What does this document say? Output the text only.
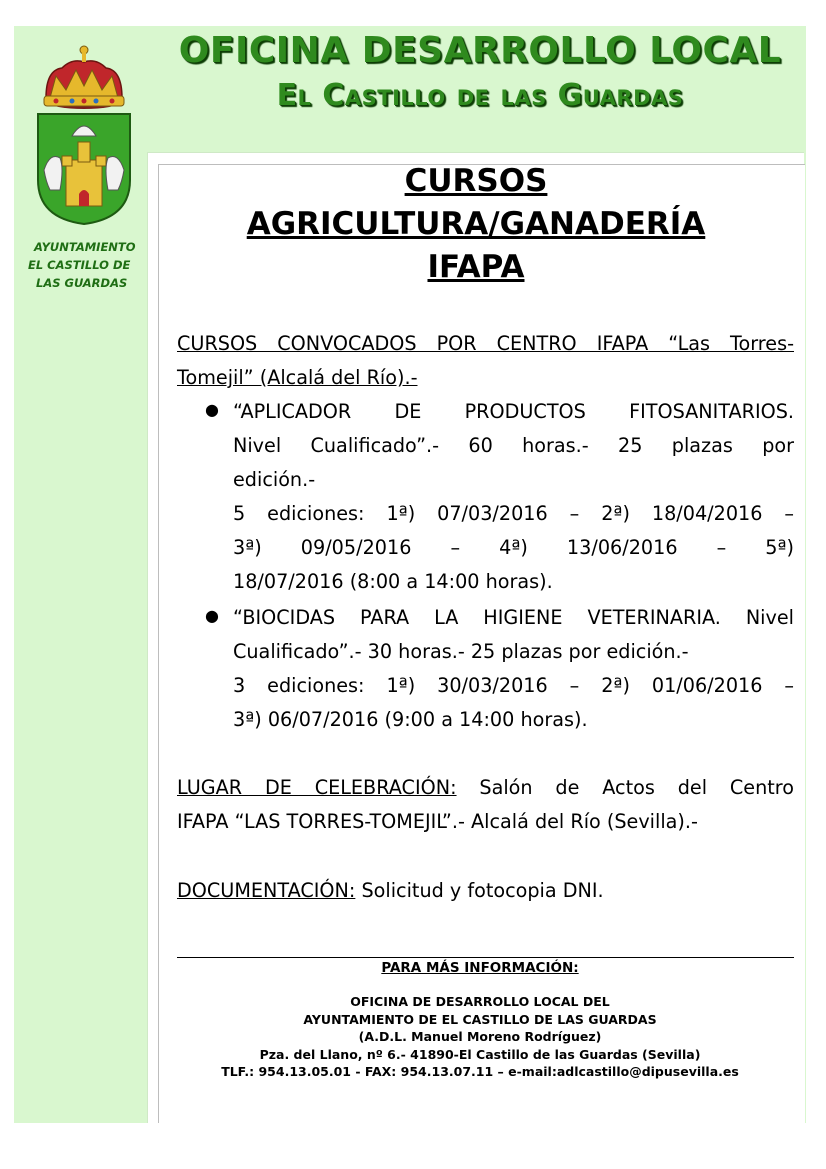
OFICINA DESARROLLO LOCAL
El Castillo de las Guardas
AYUNTAMIENTO
EL CASTILLO DE
LAS GUARDAS
CURSOS
AGRICULTURA/GANADERÍA
IFAPA
CURSOS CONVOCADOS POR CENTRO IFAPA “Las Torres-
Tomejil” (Alcalá del Río).-
● “APLICADOR DE PRODUCTOS FITOSANITARIOS.
Nivel Cualificado”.- 60 horas.- 25 plazas por
edición.-
5 ediciones: 1ª) 07/03/2016 – 2ª) 18/04/2016 –
3ª) 09/05/2016 – 4ª) 13/06/2016 – 5ª)
18/07/2016 (8:00 a 14:00 horas).
● “BIOCIDAS PARA LA HIGIENE VETERINARIA. Nivel
Cualificado”.- 30 horas.- 25 plazas por edición.-
3 ediciones: 1ª) 30/03/2016 – 2ª) 01/06/2016 –
3ª) 06/07/2016 (9:00 a 14:00 horas).
LUGAR DE CELEBRACIÓN: Salón de Actos del Centro
IFAPA “LAS TORRES-TOMEJIL”.- Alcalá del Río (Sevilla).-
DOCUMENTACIÓN: Solicitud y fotocopia DNI.
PARA MÁS INFORMACIÓN:
OFICINA DE DESARROLLO LOCAL DEL
AYUNTAMIENTO DE EL CASTILLO DE LAS GUARDAS
(A.D.L. Manuel Moreno Rodríguez)
Pza. del Llano, nº 6.- 41890-El Castillo de las Guardas (Sevilla)
TLF.: 954.13.05.01 - FAX: 954.13.07.11 – e-mail:adlcastillo@dipusevilla.es
